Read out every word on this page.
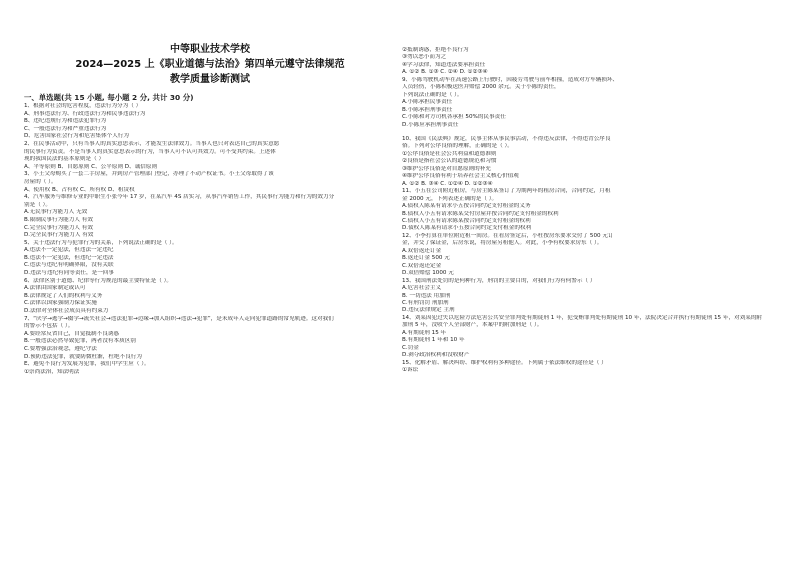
中等职业技术学校
2024—2025 上《职业道德与法治》第四单元遵守法律规范
教学质量诊断测试
一、单选题(共 15 小题, 每小题 2 分, 共计 30 分)
1、根据对社会的危害程度，违法行为分为（ ）
A、刑事违法行为、行政违法行为和民事违法行为
B、违纪违规行为和违法犯罪行为
C、一般违法行为和严重违法行为
D、危害国家社会行为和危害集体个人行为
2、在民事活动中，只有当事人的真实意思表示，才能发生法律效力。当事人也只对表达自己的真实意愿
的民事行为负责。不是当事人的真实意思表示的行为，当事人可不认可其效力。可不受其约束。上述体
现的我国民法的基本原则是（ ）
A、平等原则 B、自愿原则 C、公平原则 D、诚信原则
3、小王父母购买了一套二手房屋，并到房产管理部门登记，办理了不动产权证书。小王父母取得了该
房屋的（ ）。
A、使用权 B、占有权 C、所有权 D、租赁权
4、汽车服务与维修专业的中职生小张今年 17 岁，在某汽车 4S 店实习，从事汽车销售工作，其民事行为能力和行为的效力分
别是（ ）。
A.无民事行为能力人 无效
B.限制民事行为能力人 有效
C.完全民事行为能力人 有效
D.完全民事行为能力人 有效
5、关于违法行为与犯罪行为的关系，下列说法正确的是（ ）。
A.违法不一定犯法，但违法一定违纪
B.违法不一定犯法，但违纪一定违法
C.违法与违纪有明确界限，没有关联
D.违法与违纪有同等责任，是一回事
6、法律区别于道德、纪律等行为规范的最主要特征是（ ）。
A.法律由国家制定或认可
B.法律规定了人们的权利与义务
C.法律以国家强制力保证实施
D.法律对全体社会成员具有约束力
7、“厌学→逃学→辍学→流失社会→违法犯罪→边缘→加入组织→违法→犯罪”，是未成年人走向犯罪道路的常见轨迹。这对我们
的警示不包括（ ）。
A.要经常反省自己，自觉抵制不良诱惑
B.一般违法必然导致犯罪，两者没有本质区别
C.要增强法治观念，遵纪守法
D.预防违法犯罪，就要防微杜渐，杜绝不良行为
E、避免不良行为发展为犯罪，我们中学生应（ ）。
①崇尚法治，知法明法
②抵制诱惑，拒绝不良行为
③勿以恶小而为之
④学习法律，知道违法要承担责任
A. ①② B. ①③ C. ②④ D. ①②③④
9、小陈驾驶机动车在高速公路上行驶时，因疲劳驾驶与前车相撞，造成对方车辆损坏、
人员轻伤，小陈积极送医并赔偿 2000 余元。关于小陈的责任，
下列说法正确的是（ ）。
A.小陈承担民事责任
B.小陈承担刑事责任
C.小陈和对方司机各承担 50%的民事责任
D.小陈应承担刑事责任
10、我国《民法典》规定，民事主体从事民事活动，不得违反法律，不得违背公序良
俗。下列对公序良俗的理解，正确的是（ ）。
①公序良俗是社会公共利益和道德准则
②良俗是指社会公认的道德规范和习惯
③维护公序良俗是对自愿原则的补充
④维护公序良俗有利于培养社会主义核心价值观
A. ①② B. ③④ C. ①②④ D. ①②③④
11、小五在公司附近租房，与房主陈某签订了为期两年的租房合同，合同约定，月租
金 2000 元，下列表述正确的是（ ）。
A.债权人陈某有请求小五按合同约定支付租金的义务
B.债权人小五有请求陈某交付房屋并按合同约定支付租金的权利
C.债权人小五有请求陈某按合同约定支付租金的权利
D.债权人陈某有请求小五按合同约定支付租金的权利
12、小李打算在单位附近租一间房。在看房签定后，小杜按房东要求交付了 500 元订
金，并交了保证金，后房东说，将房屋另租他人。对此，小李有权要求房东（ ）。
A.双倍返还订金
B.返还订金 500 元
C.双倍返还定金
D.双倍赔偿 1000 元
13、我国刑法处罚的是何种行为，刑罚的主要目的，对我们行为有何警示（ ）
A.危害社会主义
B. 一切违法 用加刑
C.有刑罚罚 刑加刑
D.违反法律规定 主刑
14、刘某因犯过失以危险方法危害公共安全罪判处有期徒刑 1 年，犯受贿罪判处有期徒刑 10 年，法院决定合并执行有期徒刑 15 年，对刘某的附
加刑 5 年，没收个人全部财产，本案中的附加刑是（ ）。
A.有期徒刑 15 年
B.有期徒刑 1 年和 10 年
C.罚金
D.剥夺政治权利和没收财产
15、化解矛盾、解决纠纷、维护权利有多种途径。下列属于依法维权的途径是（ ）
①诉讼
